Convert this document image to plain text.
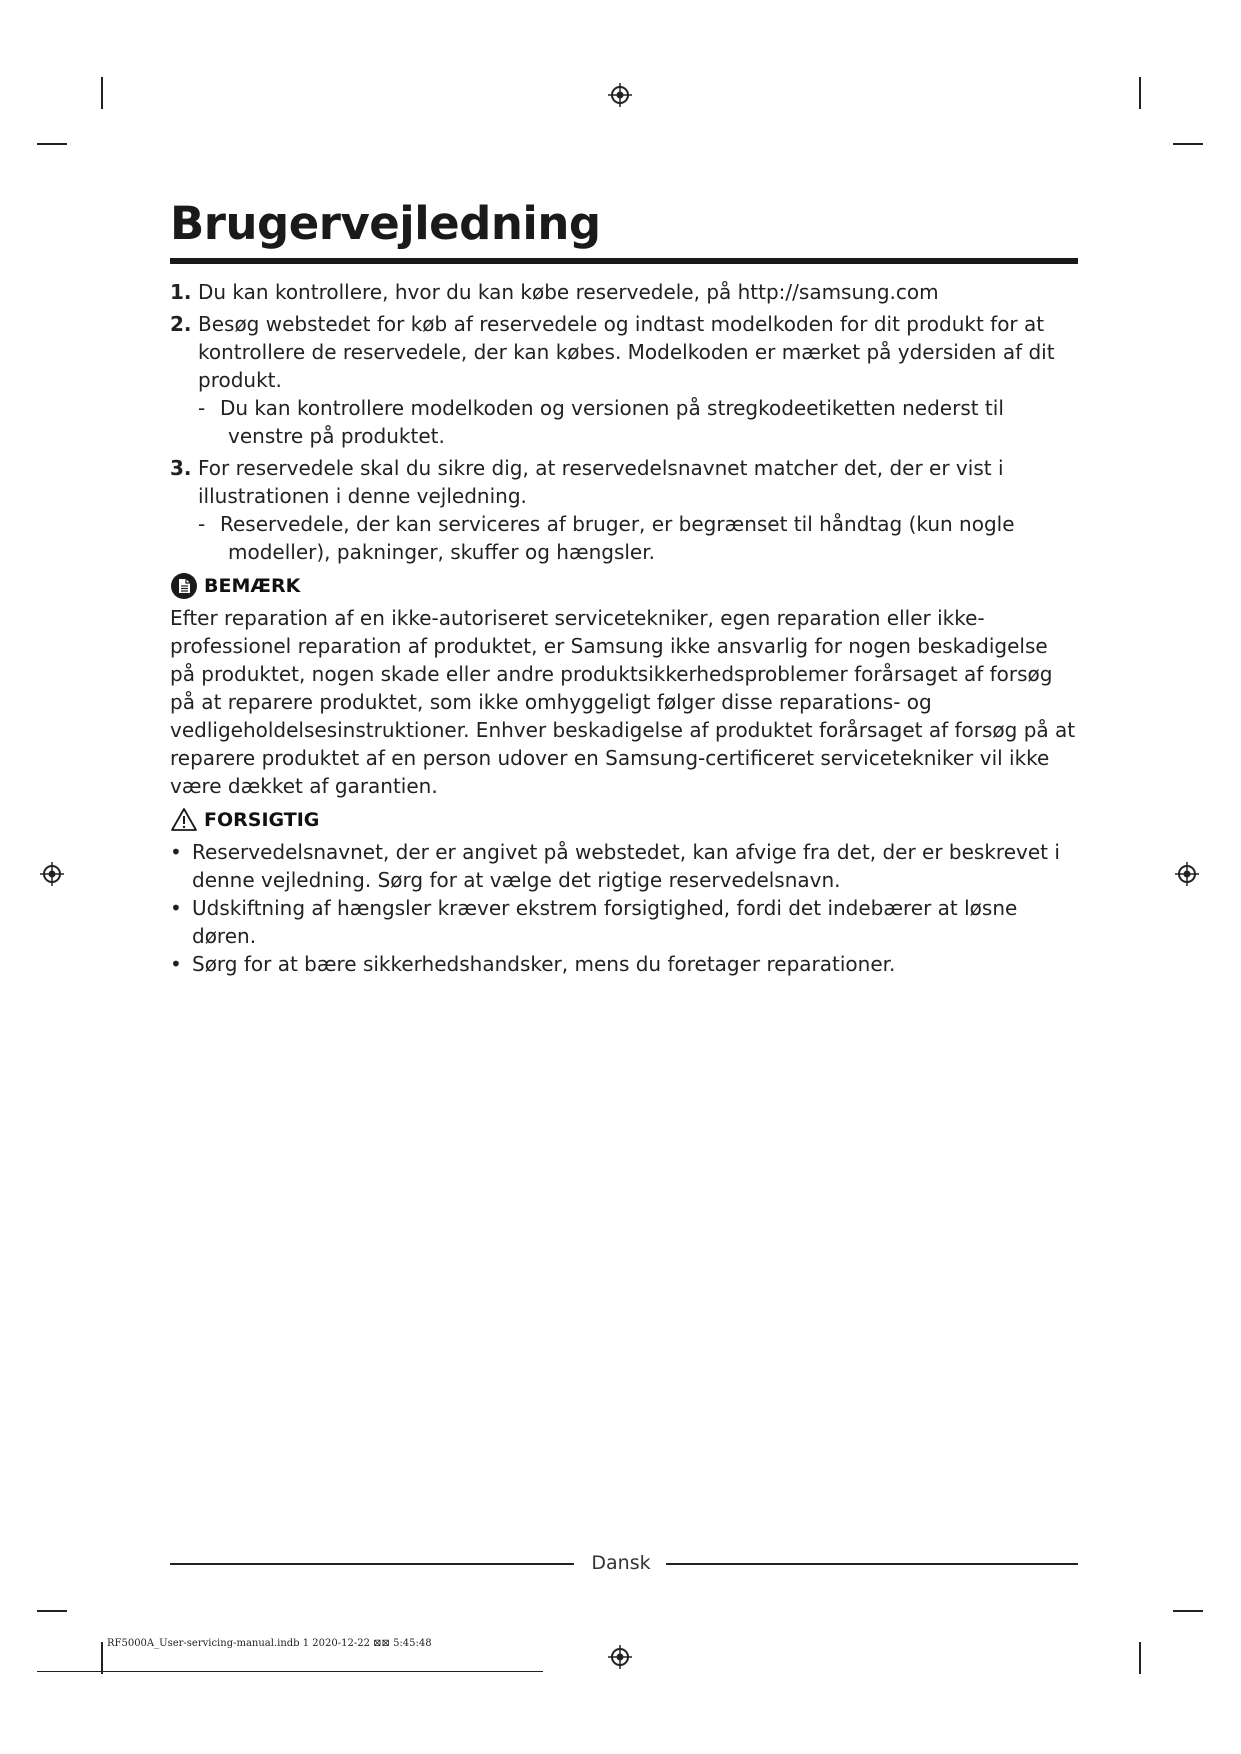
Brugervejledning
1. Du kan kontrollere, hvor du kan købe reservedele, på http://samsung.com
2. Besøg webstedet for køb af reservedele og indtast modelkoden for dit produkt for at kontrollere de reservedele, der kan købes. Modelkoden er mærket på ydersiden af dit produkt.
- Du kan kontrollere modelkoden og versionen på stregkodeetiketten nederst til venstre på produktet.
3. For reservedele skal du sikre dig, at reservedelsnavnet matcher det, der er vist i illustrationen i denne vejledning.
- Reservedele, der kan serviceres af bruger, er begrænset til håndtag (kun nogle modeller), pakninger, skuffer og hængsler.
BEMÆRK
Efter reparation af en ikke-autoriseret servicetekniker, egen reparation eller ikke-professionel reparation af produktet, er Samsung ikke ansvarlig for nogen beskadigelse på produktet, nogen skade eller andre produktsikkerhedsproblemer forårsaget af forsøg på at reparere produktet, som ikke omhyggeligt følger disse reparations- og vedligeholdelsesinstruktioner. Enhver beskadigelse af produktet forårsaget af forsøg på at reparere produktet af en person udover en Samsung-certificeret servicetekniker vil ikke være dækket af garantien.
FORSIGTIG
• Reservedelsnavnet, der er angivet på webstedet, kan afvige fra det, der er beskrevet i denne vejledning. Sørg for at vælge det rigtige reservedelsnavn.
• Udskiftning af hængsler kræver ekstrem forsigtighed, fordi det indebærer at løsne døren.
• Sørg for at bære sikkerhedshandsker, mens du foretager reparationer.
Dansk
RF5000A_User-servicing-manual.indb 1 2020-12-22 ⊠⊠ 5:45:48
